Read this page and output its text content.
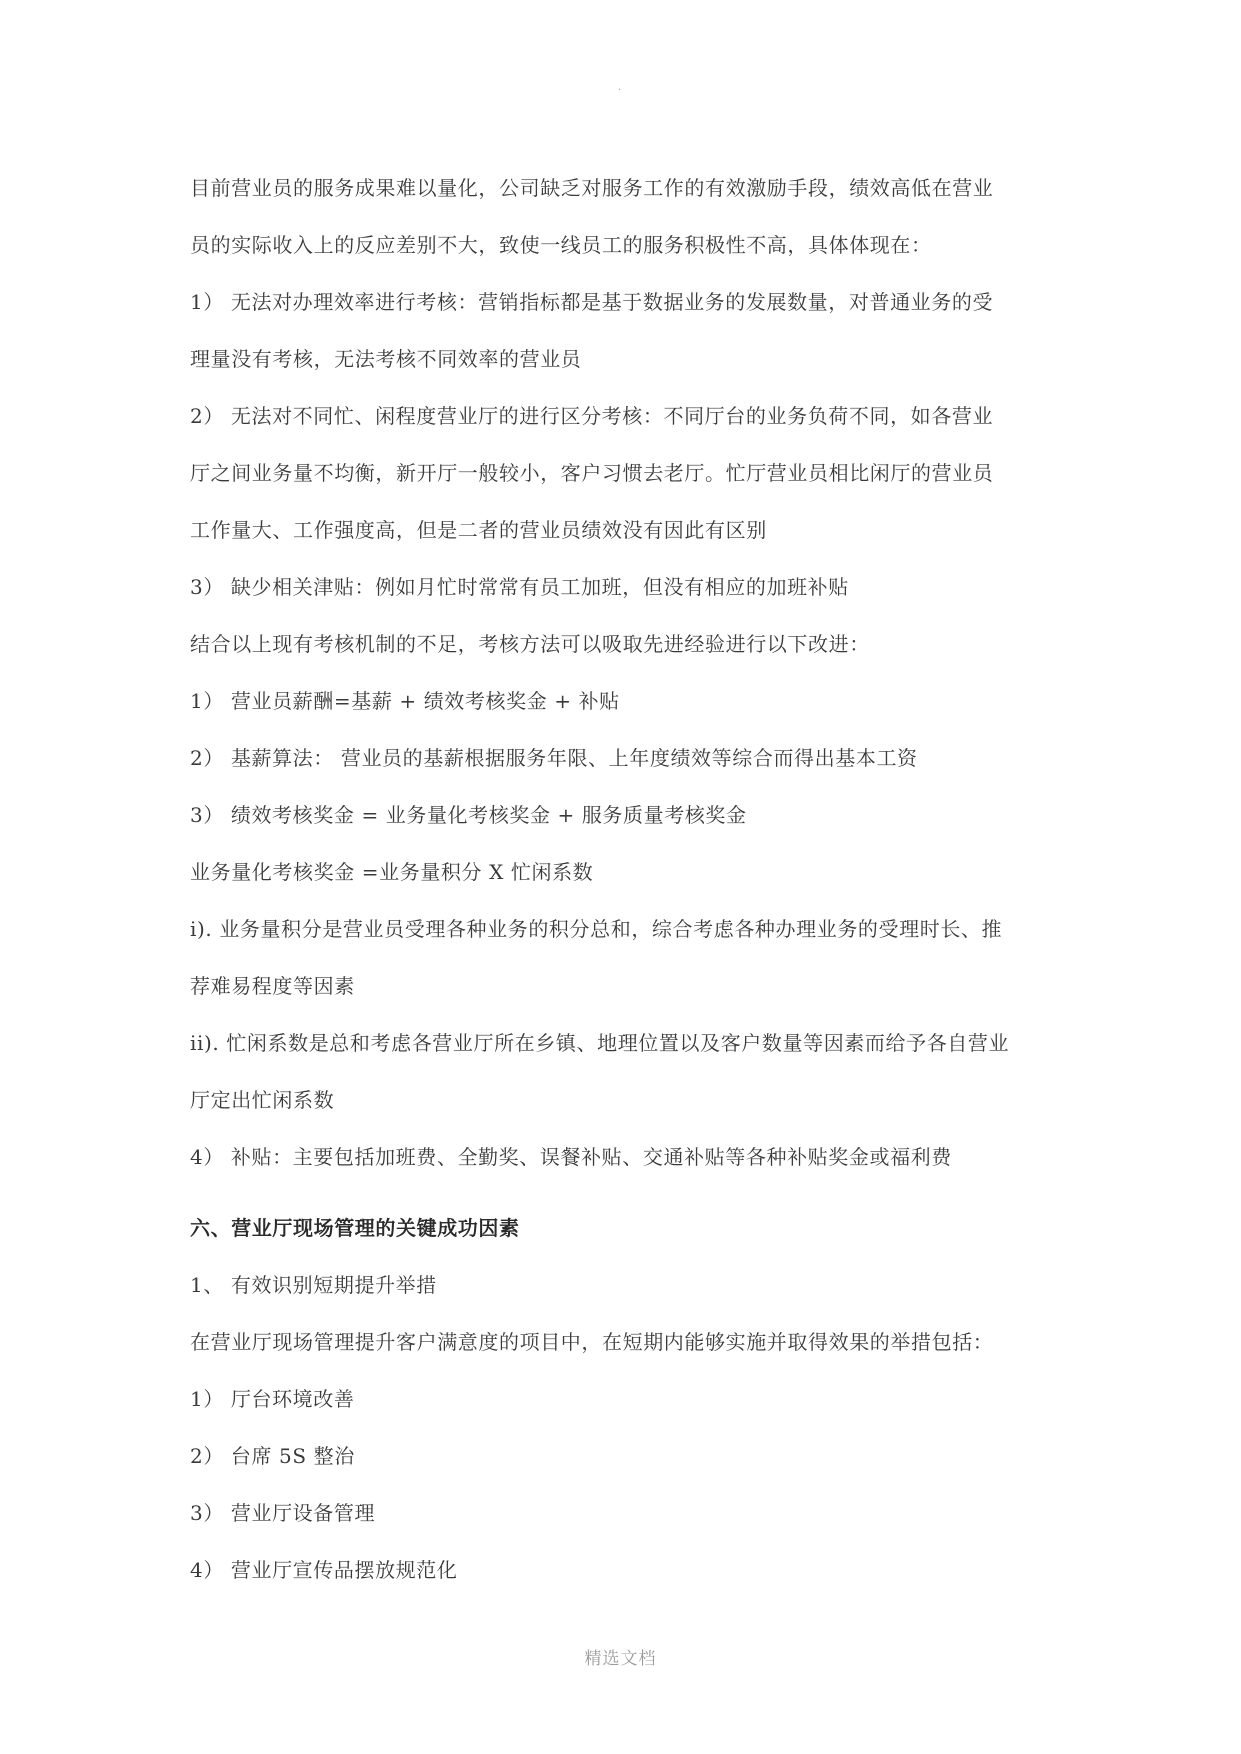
.
目前营业员的服务成果难以量化，公司缺乏对服务工作的有效激励手段，绩效高低在营业
员的实际收入上的反应差别不大，致使一线员工的服务积极性不高，具体体现在：
1） 无法对办理效率进行考核：营销指标都是基于数据业务的发展数量，对普通业务的受
理量没有考核，无法考核不同效率的营业员
2） 无法对不同忙、闲程度营业厅的进行区分考核：不同厅台的业务负荷不同，如各营业
厅之间业务量不均衡，新开厅一般较小，客户习惯去老厅。忙厅营业员相比闲厅的营业员
工作量大、工作强度高，但是二者的营业员绩效没有因此有区别
3） 缺少相关津贴：例如月忙时常常有员工加班，但没有相应的加班补贴
结合以上现有考核机制的不足，考核方法可以吸取先进经验进行以下改进：
1） 营业员薪酬=基薪 + 绩效考核奖金 + 补贴
2） 基薪算法： 营业员的基薪根据服务年限、上年度绩效等综合而得出基本工资
3） 绩效考核奖金 = 业务量化考核奖金 + 服务质量考核奖金
业务量化考核奖金 =业务量积分 X 忙闲系数
i). 业务量积分是营业员受理各种业务的积分总和，综合考虑各种办理业务的受理时长、推
荐难易程度等因素
ii). 忙闲系数是总和考虑各营业厅所在乡镇、地理位置以及客户数量等因素而给予各自营业
厅定出忙闲系数
4） 补贴：主要包括加班费、全勤奖、误餐补贴、交通补贴等各种补贴奖金或福利费
六、营业厅现场管理的关键成功因素
1、 有效识别短期提升举措
在营业厅现场管理提升客户满意度的项目中，在短期内能够实施并取得效果的举措包括：
1） 厅台环境改善
2） 台席 5S 整治
3） 营业厅设备管理
4） 营业厅宣传品摆放规范化
精选文档
